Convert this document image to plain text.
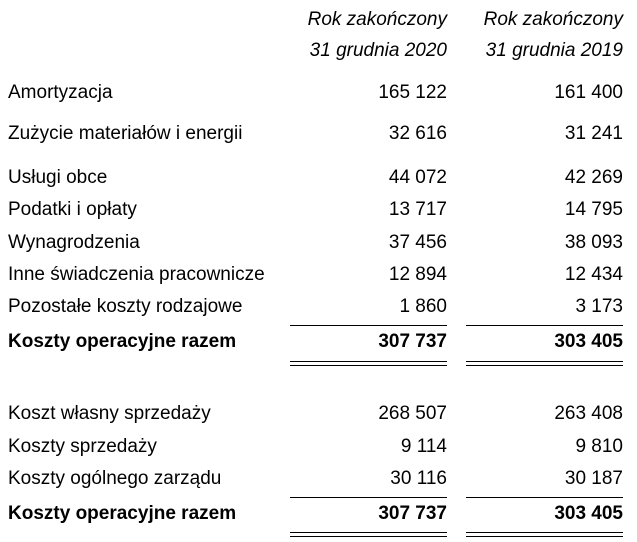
Rok zakończony
31 grudnia 2020
Rok zakończony
31 grudnia 2019
Amortyzacja	165 122	161 400
Zużycie materiałów i energii	32 616	31 241
Usługi obce	44 072	42 269
Podatki i opłaty	13 717	14 795
Wynagrodzenia	37 456	38 093
Inne świadczenia pracownicze	12 894	12 434
Pozostałe koszty rodzajowe	1 860	3 173
Koszty operacyjne razem	307 737	303 405
Koszt własny sprzedaży	268 507	263 408
Koszty sprzedaży	9 114	9 810
Koszty ogólnego zarządu	30 116	30 187
Koszty operacyjne razem	307 737	303 405
